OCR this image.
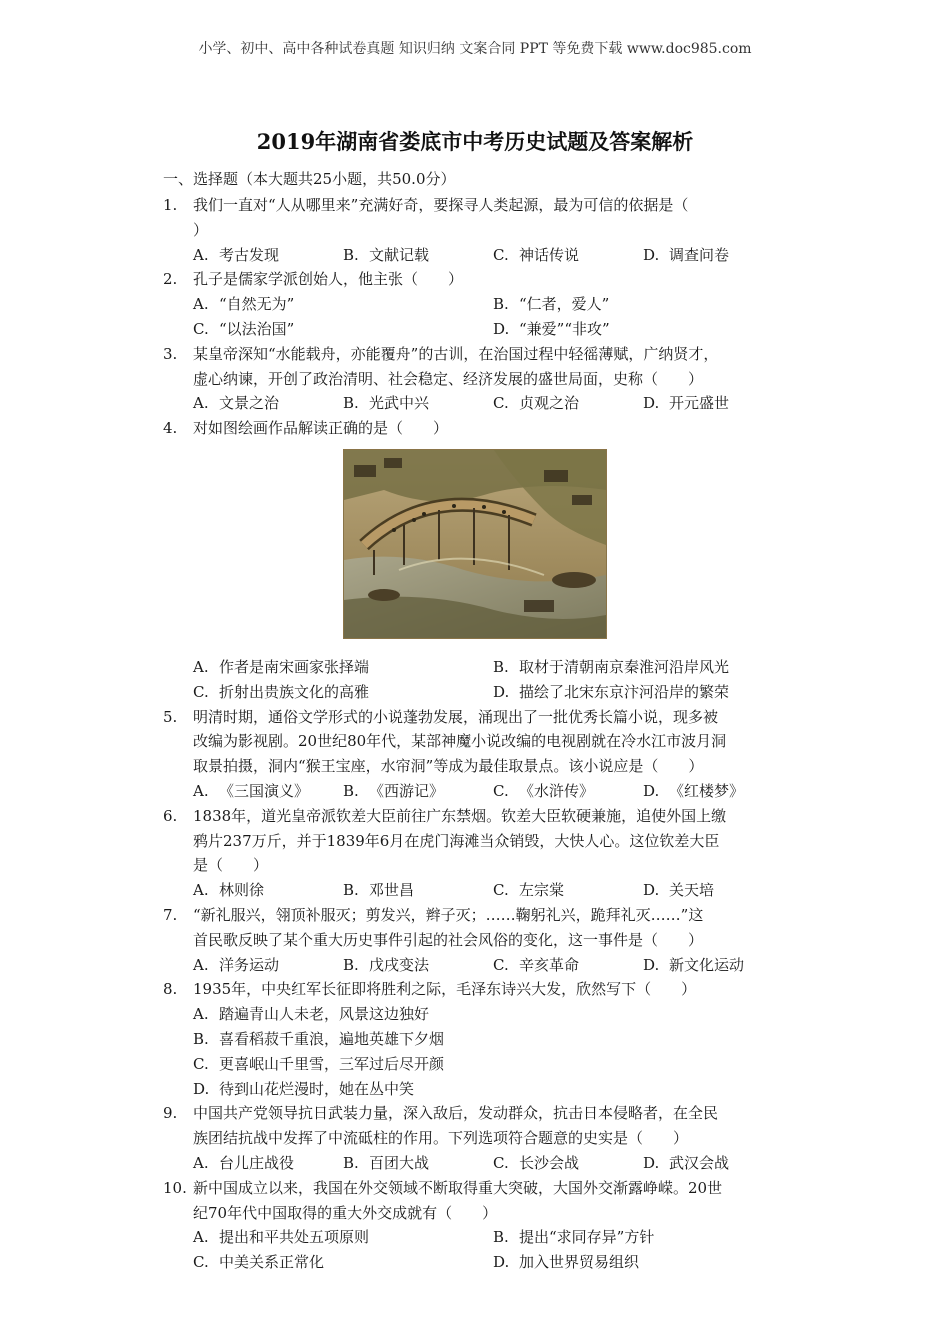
小学、初中、高中各种试卷真题 知识归纳 文案合同 PPT 等免费下载 www.doc985.com
2019年湖南省娄底市中考历史试题及答案解析
一、选择题（本大题共25小题，共50.0分）
1. 我们一直对“人从哪里来”充满好奇，要探寻人类起源，最为可信的依据是（
）
A. 考古发现	B. 文献记载	C. 神话传说	D. 调查问卷
2. 孔子是儒家学派创始人，他主张（　　）
A. “自然无为”	B. “仁者，爱人”
C. “以法治国”	D. “兼爱”“非攻”
3. 某皇帝深知“水能载舟，亦能覆舟”的古训，在治国过程中轻徭薄赋，广纳贤才，
虚心纳谏，开创了政治清明、社会稳定、经济发展的盛世局面，史称（　　）
A. 文景之治	B. 光武中兴	C. 贞观之治	D. 开元盛世
4. 对如图绘画作品解读正确的是（　　）
A. 作者是南宋画家张择端	B. 取材于清朝南京秦淮河沿岸风光
C. 折射出贵族文化的高雅	D. 描绘了北宋东京汴河沿岸的繁荣
5. 明清时期，通俗文学形式的小说蓬勃发展，涌现出了一批优秀长篇小说，现多被
改编为影视剧。20世纪80年代，某部神魔小说改编的电视剧就在冷水江市波月洞
取景拍摄，洞内“猴王宝座，水帘洞”等成为最佳取景点。该小说应是（　　）
A. 《三国演义》	B. 《西游记》	C. 《水浒传》	D. 《红楼梦》
6. 1838年，道光皇帝派钦差大臣前往广东禁烟。钦差大臣软硬兼施，追使外国上缴
鸦片237万斤，并于1839年6月在虎门海滩当众销毁，大快人心。这位钦差大臣
是（　　）
A. 林则徐	B. 邓世昌	C. 左宗棠	D. 关天培
7. “新礼服兴，翎顶补服灭；剪发兴，辫子灭；……鞠躬礼兴，跪拜礼灭……”这
首民歌反映了某个重大历史事件引起的社会风俗的变化，这一事件是（　　）
A. 洋务运动	B. 戊戌变法	C. 辛亥革命	D. 新文化运动
8. 1935年，中央红军长征即将胜利之际，毛泽东诗兴大发，欣然写下（　　）
A. 踏遍青山人未老，风景这边独好
B. 喜看稻菽千重浪，遍地英雄下夕烟
C. 更喜岷山千里雪，三军过后尽开颜
D. 待到山花烂漫时，她在丛中笑
9. 中国共产党领导抗日武装力量，深入敌后，发动群众，抗击日本侵略者，在全民
族团结抗战中发挥了中流砥柱的作用。下列选项符合题意的史实是（　　）
A. 台儿庄战役	B. 百团大战	C. 长沙会战	D. 武汉会战
10. 新中国成立以来，我国在外交领域不断取得重大突破，大国外交渐露峥嵘。20世
纪70年代中国取得的重大外交成就有（　　）
A. 提出和平共处五项原则	B. 提出“求同存异”方针
C. 中美关系正常化	D. 加入世界贸易组织
